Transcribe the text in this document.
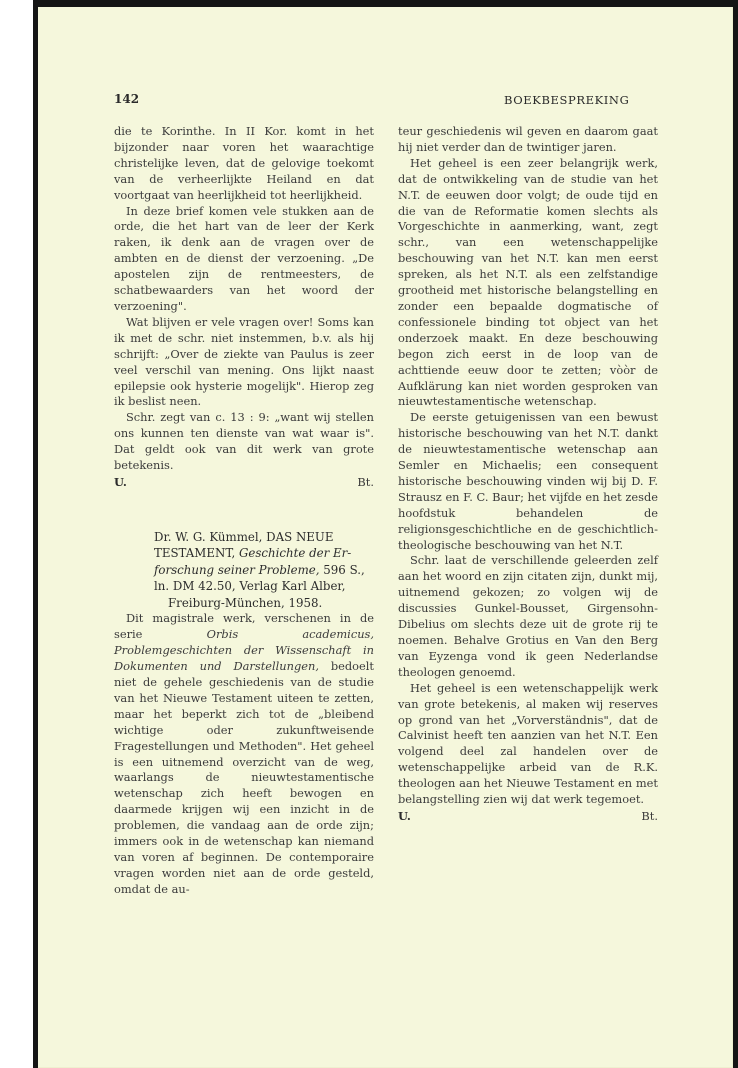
142	BOEKBESPREKING

die te Korinthe. In II Kor. komt in het bijzonder naar voren het waarachtige christelijke leven, dat de gelovige toekomt van de verheerlijkte Heiland en dat voortgaat van heerlijkheid tot heerlijkheid.

In deze brief komen vele stukken aan de orde, die het hart van de leer der Kerk raken, ik denk aan de vragen over de ambten en de dienst der verzoening. „De apostelen zijn de rentmeesters, de schatbewaarders van het woord der verzoening".

Wat blijven er vele vragen over! Soms kan ik met de schr. niet instemmen, b.v. als hij schrijft: „Over de ziekte van Paulus is zeer veel verschil van mening. Ons lijkt naast epilepsie ook hysterie mogelijk". Hierop zeg ik beslist neen.

Schr. zegt van c. 13 : 9: „want wij stellen ons kunnen ten dienste van wat waar is". Dat geldt ook van dit werk van grote betekenis.

U.	Bt.
Dr. W. G. Kümmel, DAS NEUE
TESTAMENT, Geschichte der Er-
forschung seiner Probleme, 596 S.,
ln. DM 42.50, Verlag Karl Alber,

Freiburg-München, 1958.

Dit magistrale werk, verschenen in de serie	Orbis academicus, Problemgeschichten der Wissenschaft in Dokumenten und Darstellungen, bedoelt niet de gehele geschiedenis van de studie van het Nieuwe Testament uiteen te zetten, maar het beperkt zich tot de „bleibend wichtige oder zukunftweisende Fragestellungen und Methoden". Het geheel is een uitnemend overzicht van de weg, waarlangs de nieuwtestamentische wetenschap zich heeft bewogen en daarmede krijgen wij een inzicht in de problemen, die vandaag aan de orde zijn; immers ook in de wetenschap kan niemand van voren af beginnen. De contemporaire vragen worden niet aan de orde gesteld, omdat de au-

teur geschiedenis wil geven en daarom gaat hij niet verder dan de twintiger jaren.

Het geheel is een zeer belangrijk werk, dat de ontwikkeling van de studie van het N.T. de eeuwen door volgt; de oude tijd en die van de Reformatie komen slechts als Vorgeschichte in aanmerking, want, zegt schr., van een wetenschappelijke beschouwing van het N.T. kan men eerst spreken, als het N.T. als een zelfstandige grootheid met historische belangstelling en zonder een bepaalde dogmatische of confessionele binding tot object van het onderzoek maakt. En deze beschouwing begon zich eerst in de loop van de achttiende eeuw door te zetten; vòòr de Aufklärung kan niet worden gesproken van nieuwtestamentische wetenschap.

De eerste getuigenissen van een bewust historische beschouwing van het N.T. dankt de nieuwtestamentische wetenschap aan Semler en Michaelis; een consequent historische beschouwing vinden wij bij D. F. Strausz en F. C. Baur; het vijfde en het zesde hoofdstuk behandelen de religionsgeschichtliche en de geschichtlich-theologische beschouwing van het N.T.

Schr. laat de verschillende geleerden zelf aan het woord en zijn citaten zijn, dunkt mij, uitnemend gekozen; zo volgen wij de discussies Gunkel-Bousset, Girgensohn-Dibelius om slechts deze uit de grote rij te noemen. Behalve Grotius en Van den Berg van Eyzenga vond ik geen Nederlandse theologen genoemd.

Het geheel is een wetenschappelijk werk van grote betekenis, al maken wij reserves op grond van het „Vorverständnis", dat de Calvinist heeft ten aanzien van het N.T. Een volgend deel zal handelen over de wetenschappelijke arbeid van de R.K. theologen aan het Nieuwe Testament en met belangstelling zien wij dat werk tegemoet.

U.	Bt.
